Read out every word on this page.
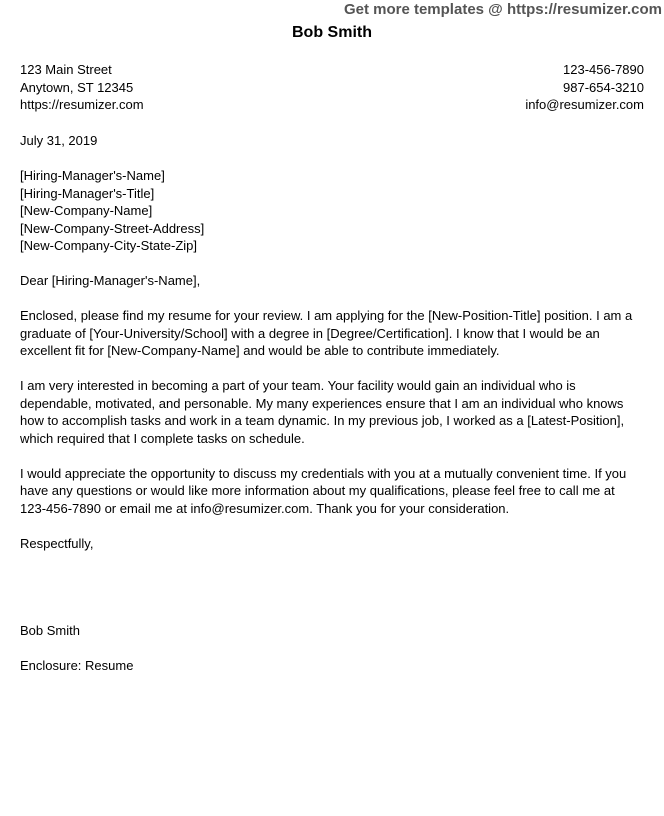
Get more templates @ https://resumizer.com
Bob Smith
123 Main Street
Anytown, ST 12345
https://resumizer.com
123-456-7890
987-654-3210
info@resumizer.com

July 31, 2019

[Hiring-Manager's-Name]
[Hiring-Manager's-Title]
[New-Company-Name]
[New-Company-Street-Address]
[New-Company-City-State-Zip]

Dear [Hiring-Manager's-Name],

Enclosed, please find my resume for your review. I am applying for the [New-Position-Title] position. I am a graduate of [Your-University/School] with a degree in [Degree/Certification]. I know that I would be an excellent fit for [New-Company-Name] and would be able to contribute immediately.

I am very interested in becoming a part of your team. Your facility would gain an individual who is dependable, motivated, and personable. My many experiences ensure that I am an individual who knows how to accomplish tasks and work in a team dynamic. In my previous job, I worked as a [Latest-Position], which required that I complete tasks on schedule.

I would appreciate the opportunity to discuss my credentials with you at a mutually convenient time. If you have any questions or would like more information about my qualifications, please feel free to call me at 123-456-7890 or email me at info@resumizer.com. Thank you for your consideration.

Respectfully,

Bob Smith

Enclosure: Resume
